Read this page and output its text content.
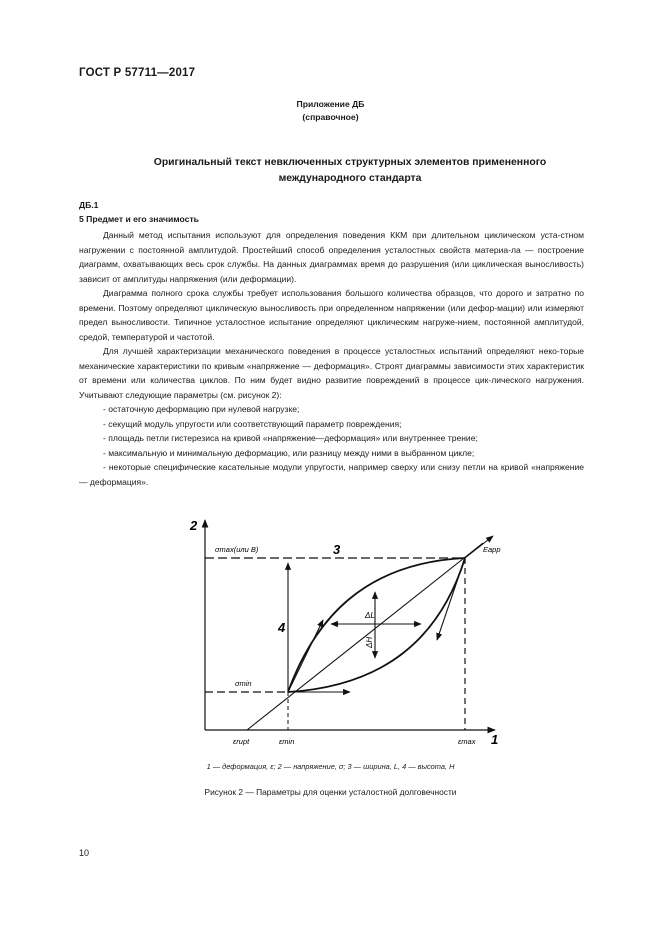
ГОСТ Р 57711—2017
Приложение ДБ
(справочное)
Оригинальный текст невключенных структурных элементов примененного
международного стандарта
ДБ.1
5 Предмет и его значимость

Данный метод испытания используют для определения поведения ККМ при длительном циклическом уста-стном нагружении с постоянной амплитудой. Простейший способ определения усталостных свойств материа-ла — построение диаграмм, охватывающих весь срок службы. На данных диаграммах время до разрушения (или циклическая выносливость) зависит от амплитуды напряжения (или деформации).

Диаграмма полного срока службы требует использования большого количества образцов, что дорого и затратно по времени. Поэтому определяют циклическую выносливость при определенном напряжении (или дефор-мации) или измеряют предел выносливости. Типичное усталостное испытание определяют циклическим нагруже-нием, постоянной амплитудой, средой, температурой и частотой.

Для лучшей характеризации механического поведения в процессе усталостных испытаний определяют неко-торые механические характеристики по кривым «напряжение — деформация». Строят диаграммы зависимости этих характеристик от времени или количества циклов. По ним будет видно развитие повреждений в процессе цик-лического нагружения. Учитывают следующие параметры (см. рисунок 2):

- остаточную деформацию при нулевой нагрузке;
- секущий модуль упругости или соответствующий параметр повреждения;
- площадь петли гистерезиса на кривой «напряжение—деформация» или внутреннее трение;
- максимальную и минимальную деформацию, или разницу между ними в выбранном цикле;
- некоторые специфические касательные модули упругости, например сверху или снизу петли на кривой «напряжение — деформация».
2
1
σmax(или B)	3
σmin
Eapp
4
ΔL
ΔH
εrupt	εmin	εmax
1 — деформация, ε; 2 — напряжение, σ; 3 — ширина, L, 4 — высота, H
Рисунок 2 — Параметры для оценки усталостной долговечности
10
